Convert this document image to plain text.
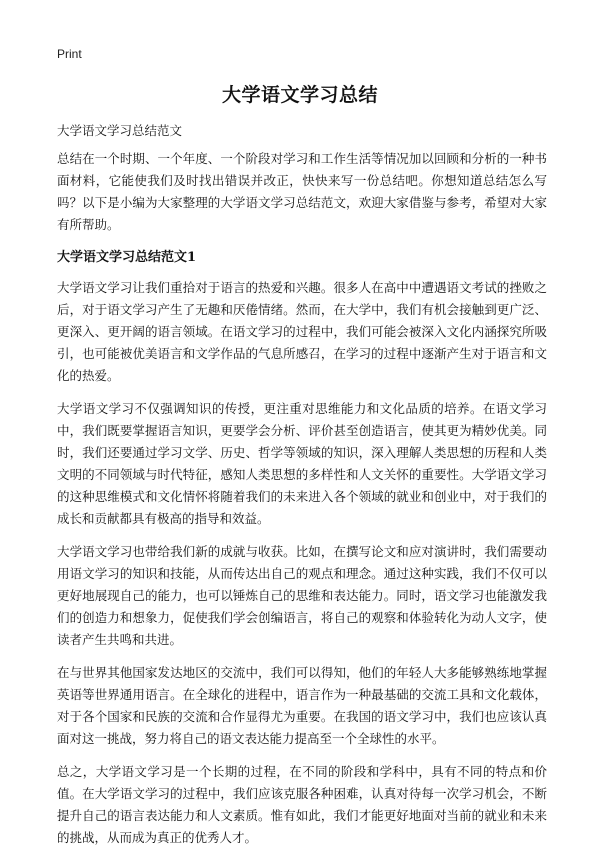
Print
大学语文学习总结

大学语文学习总结范文

总结在一个时期、一个年度、一个阶段对学习和工作生活等情况加以回顾和分析的一种书面材料，它能使我们及时找出错误并改正，快快来写一份总结吧。你想知道总结怎么写吗？以下是小编为大家整理的大学语文学习总结范文，欢迎大家借鉴与参考，希望对大家有所帮助。

大学语文学习总结范文1

大学语文学习让我们重拾对于语言的热爱和兴趣。很多人在高中中遭遇语文考试的挫败之后，对于语文学习产生了无趣和厌倦情绪。然而，在大学中，我们有机会接触到更广泛、更深入、更开阔的语言领域。在语文学习的过程中，我们可能会被深入文化内涵探究所吸引，也可能被优美语言和文学作品的气息所感召，在学习的过程中逐渐产生对于语言和文化的热爱。

大学语文学习不仅强调知识的传授，更注重对思维能力和文化品质的培养。在语文学习中，我们既要掌握语言知识，更要学会分析、评价甚至创造语言，使其更为精妙优美。同时，我们还要通过学习文学、历史、哲学等领域的知识，深入理解人类思想的历程和人类文明的不同领域与时代特征，感知人类思想的多样性和人文关怀的重要性。大学语文学习的这种思维模式和文化情怀将随着我们的未来进入各个领域的就业和创业中，对于我们的成长和贡献都具有极高的指导和效益。

大学语文学习也带给我们新的成就与收获。比如，在撰写论文和应对演讲时，我们需要动用语文学习的知识和技能，从而传达出自己的观点和理念。通过这种实践，我们不仅可以更好地展现自己的能力，也可以锤炼自己的思维和表达能力。同时，语文学习也能激发我们的创造力和想象力，促使我们学会创编语言，将自己的观察和体验转化为动人文字，使读者产生共鸣和共进。

在与世界其他国家发达地区的交流中，我们可以得知，他们的年轻人大多能够熟练地掌握英语等世界通用语言。在全球化的进程中，语言作为一种最基础的交流工具和文化载体，对于各个国家和民族的交流和合作显得尤为重要。在我国的语文学习中，我们也应该认真面对这一挑战，努力将自己的语文表达能力提高至一个全球性的水平。

总之，大学语文学习是一个长期的过程，在不同的阶段和学科中，具有不同的特点和价值。在大学语文学习的过程中，我们应该克服各种困难，认真对待每一次学习机会，不断提升自己的语言表达能力和人文素质。惟有如此，我们才能更好地面对当前的就业和未来的挑战，从而成为真正的优秀人才。
